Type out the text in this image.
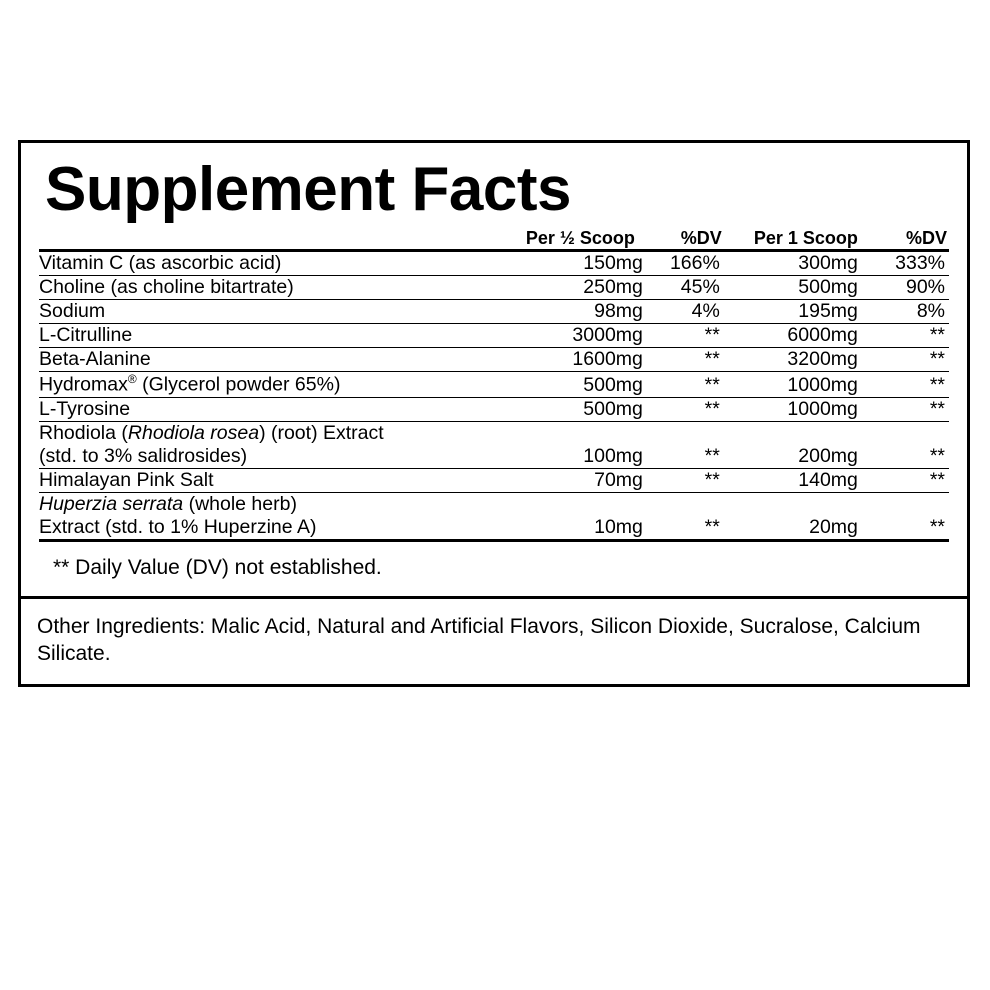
Supplement Facts
	Per ½ Scoop	%DV	Per 1 Scoop	%DV

Vitamin C (as ascorbic acid)	150mg	166%	300mg	333%
Choline (as choline bitartrate)	250mg	45%	500mg	90%
Sodium	98mg	4%	195mg	8%
L-Citrulline	3000mg	**	6000mg	**
Beta-Alanine	1600mg	**	3200mg	**
Hydromax® (Glycerol powder 65%)	500mg	**	1000mg	**
L-Tyrosine	500mg	**	1000mg	**
Rhodiola (Rhodiola rosea) (root) Extract
(std. to 3% salidrosides)	100mg	**	200mg	**
Himalayan Pink Salt	70mg	**	140mg	**
Huperzia serrata (whole herb)
Extract (std. to 1% Huperzine A)	10mg	**	20mg	**

** Daily Value (DV) not established.
Other Ingredients: Malic Acid, Natural and Artificial Flavors, Silicon Dioxide, Sucralose, Calcium Silicate.
